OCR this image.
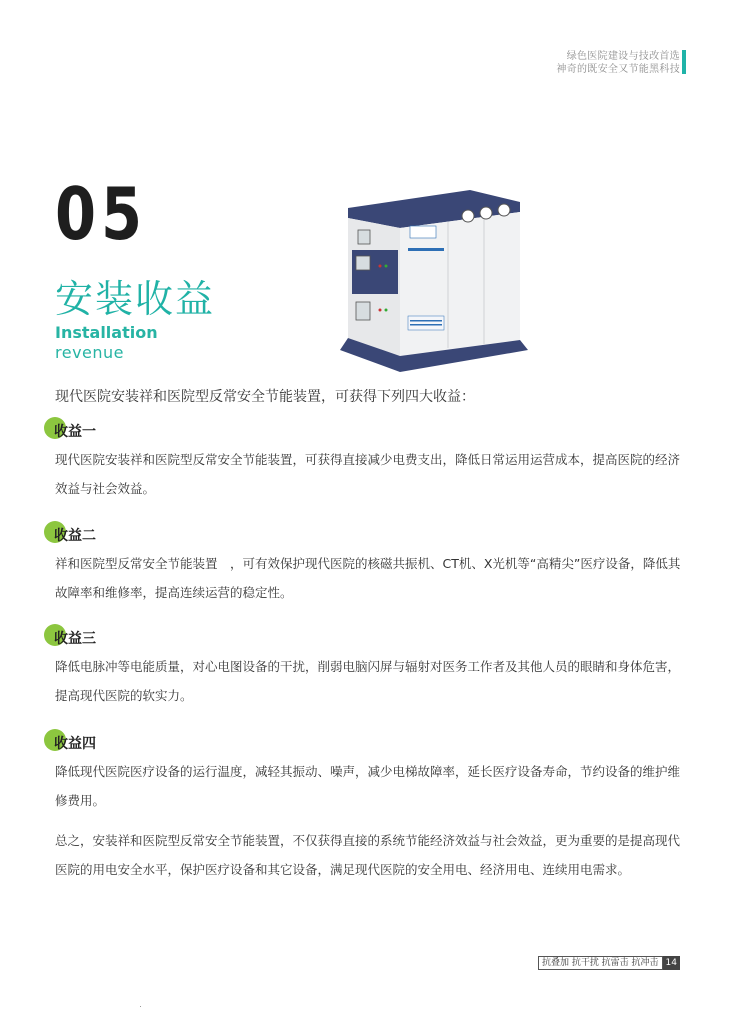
绿色医院建设与技改首选
神奇的既安全又节能黑科技
05
安装收益
Installation
revenue
现代医院安装祥和医院型反常安全节能装置，可获得下列四大收益：
收益一
现代医院安装祥和医院型反常安全节能装置，可获得直接减少电费支出，降低日常运用运营成本，提高医院的经济效益与社会效益。
收益二
祥和医院型反常安全节能装置　，可有效保护现代医院的核磁共振机、CT机、X光机等“高精尖”医疗设备，降低其故障率和维修率，提高连续运营的稳定性。
收益三
降低电脉冲等电能质量，对心电图设备的干扰，削弱电脑闪屏与辐射对医务工作者及其他人员的眼睛和身体危害，提高现代医院的软实力。
收益四
降低现代医院医疗设备的运行温度，减轻其振动、噪声，减少电梯故障率，延长医疗设备寿命，节约设备的维护维修费用。
总之，安装祥和医院型反常安全节能装置，不仅获得直接的系统节能经济效益与社会效益，更为重要的是提高现代医院的用电安全水平，保护医疗设备和其它设备，满足现代医院的安全用电、经济用电、连续用电需求。
抗叠加 抗干扰 抗雷击 抗冲击 14
